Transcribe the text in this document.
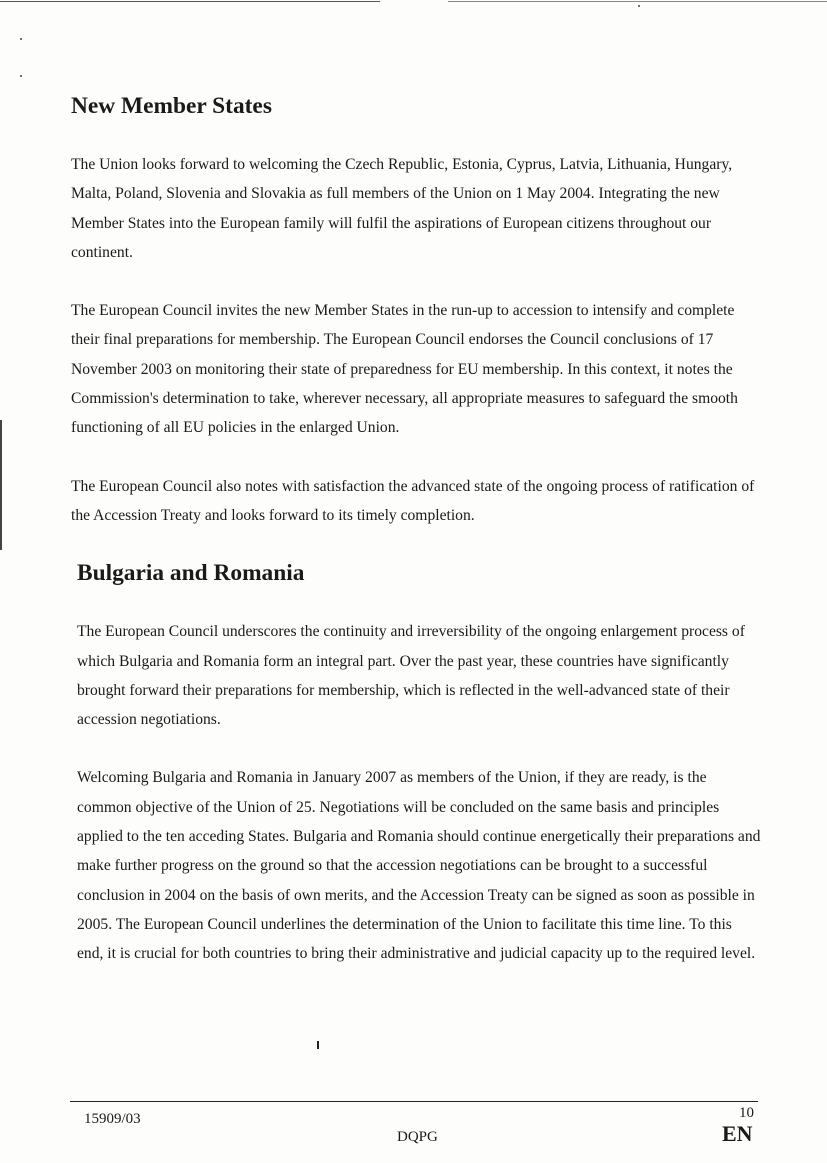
New Member States

The Union looks forward to welcoming the Czech Republic, Estonia, Cyprus, Latvia, Lithuania, Hungary, Malta, Poland, Slovenia and Slovakia as full members of the Union on 1 May 2004. Integrating the new Member States into the European family will fulfil the aspirations of European citizens throughout our continent.

The European Council invites the new Member States in the run-up to accession to intensify and complete their final preparations for membership. The European Council endorses the Council conclusions of 17 November 2003 on monitoring their state of preparedness for EU membership. In this context, it notes the Commission's determination to take, wherever necessary, all appropriate measures to safeguard the smooth functioning of all EU policies in the enlarged Union.

The European Council also notes with satisfaction the advanced state of the ongoing process of ratification of the Accession Treaty and looks forward to its timely completion.

Bulgaria and Romania

The European Council underscores the continuity and irreversibility of the ongoing enlargement process of which Bulgaria and Romania form an integral part. Over the past year, these countries have significantly brought forward their preparations for membership, which is reflected in the well-advanced state of their accession negotiations.

Welcoming Bulgaria and Romania in January 2007 as members of the Union, if they are ready, is the common objective of the Union of 25. Negotiations will be concluded on the same basis and principles applied to the ten acceding States. Bulgaria and Romania should continue energetically their preparations and make further progress on the ground so that the accession negotiations can be brought to a successful conclusion in 2004 on the basis of own merits, and the Accession Treaty can be signed as soon as possible in 2005. The European Council underlines the determination of the Union to facilitate this time line. To this end, it is crucial for both countries to bring their administrative and judicial capacity up to the required level.

15909/03
DQPG
10
EN
